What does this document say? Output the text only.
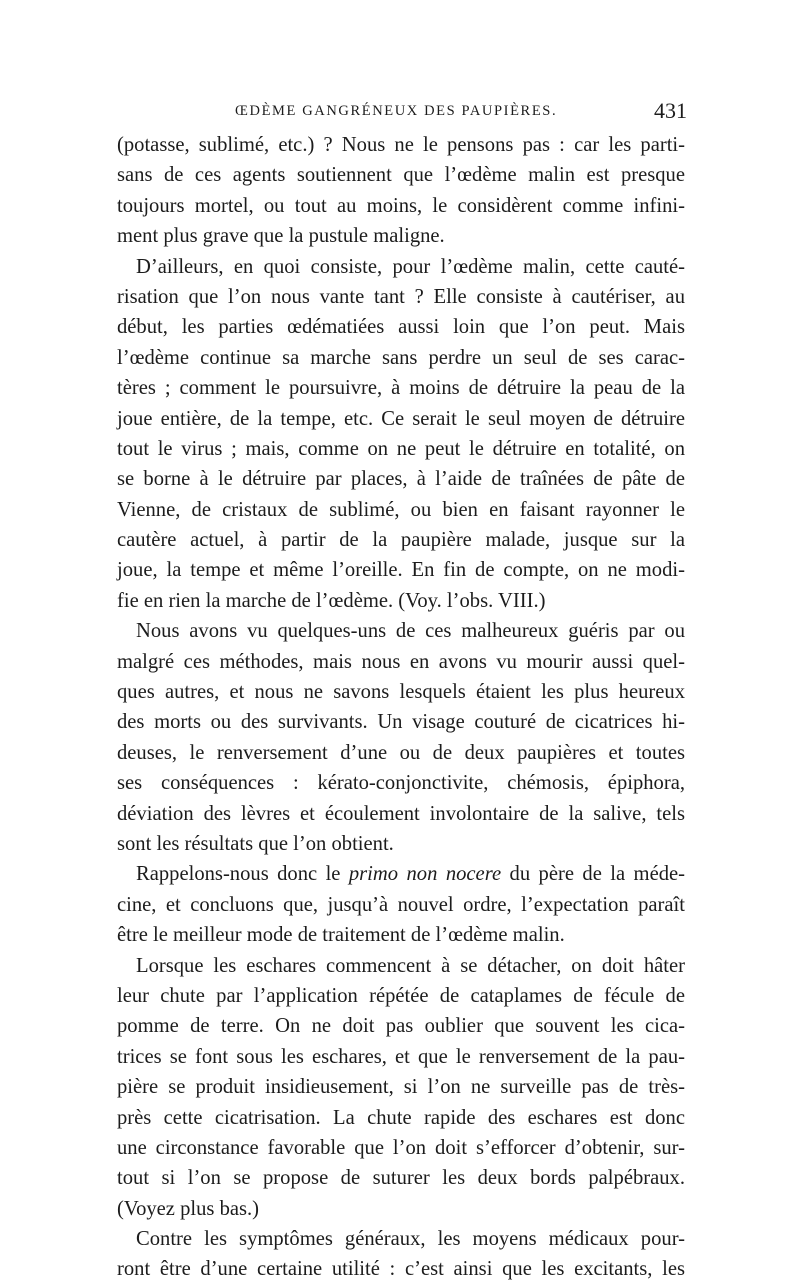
ŒDÈME GANGRÉNEUX DES PAUPIÈRES.	431
(potasse, sublimé, etc.) ? Nous ne le pensons pas : car les parti-
sans de ces agents soutiennent que l’œdème malin est presque
toujours mortel, ou tout au moins, le considèrent comme infini-
ment plus grave que la pustule maligne.
D’ailleurs, en quoi consiste, pour l’œdème malin, cette cauté-
risation que l’on nous vante tant ? Elle consiste à cautériser, au
début, les parties œdématiées aussi loin que l’on peut. Mais
l’œdème continue sa marche sans perdre un seul de ses carac-
tères ; comment le poursuivre, à moins de détruire la peau de la
joue entière, de la tempe, etc. Ce serait le seul moyen de détruire
tout le virus ; mais, comme on ne peut le détruire en totalité, on
se borne à le détruire par places, à l’aide de traînées de pâte de
Vienne, de cristaux de sublimé, ou bien en faisant rayonner le
cautère actuel, à partir de la paupière malade, jusque sur la
joue, la tempe et même l’oreille. En fin de compte, on ne modi-
fie en rien la marche de l’œdème. (Voy. l’obs. VIII.)
Nous avons vu quelques-uns de ces malheureux guéris par ou
malgré ces méthodes, mais nous en avons vu mourir aussi quel-
ques autres, et nous ne savons lesquels étaient les plus heureux
des morts ou des survivants. Un visage couturé de cicatrices hi-
deuses, le renversement d’une ou de deux paupières et toutes
ses conséquences : kérato-conjonctivite, chémosis, épiphora,
déviation des lèvres et écoulement involontaire de la salive, tels
sont les résultats que l’on obtient.
Rappelons-nous donc le primo non nocere du père de la méde-
cine, et concluons que, jusqu’à nouvel ordre, l’expectation paraît
être le meilleur mode de traitement de l’œdème malin.
Lorsque les eschares commencent à se détacher, on doit hâter
leur chute par l’application répétée de cataplames de fécule de
pomme de terre. On ne doit pas oublier que souvent les cica-
trices se font sous les eschares, et que le renversement de la pau-
pière se produit insidieusement, si l’on ne surveille pas de très-
près cette cicatrisation. La chute rapide des eschares est donc
une circonstance favorable que l’on doit s’efforcer d’obtenir, sur-
tout si l’on se propose de suturer les deux bords palpébraux.
(Voyez plus bas.)
Contre les symptômes généraux, les moyens médicaux pour-
ront être d’une certaine utilité : c’est ainsi que les excitants, les
